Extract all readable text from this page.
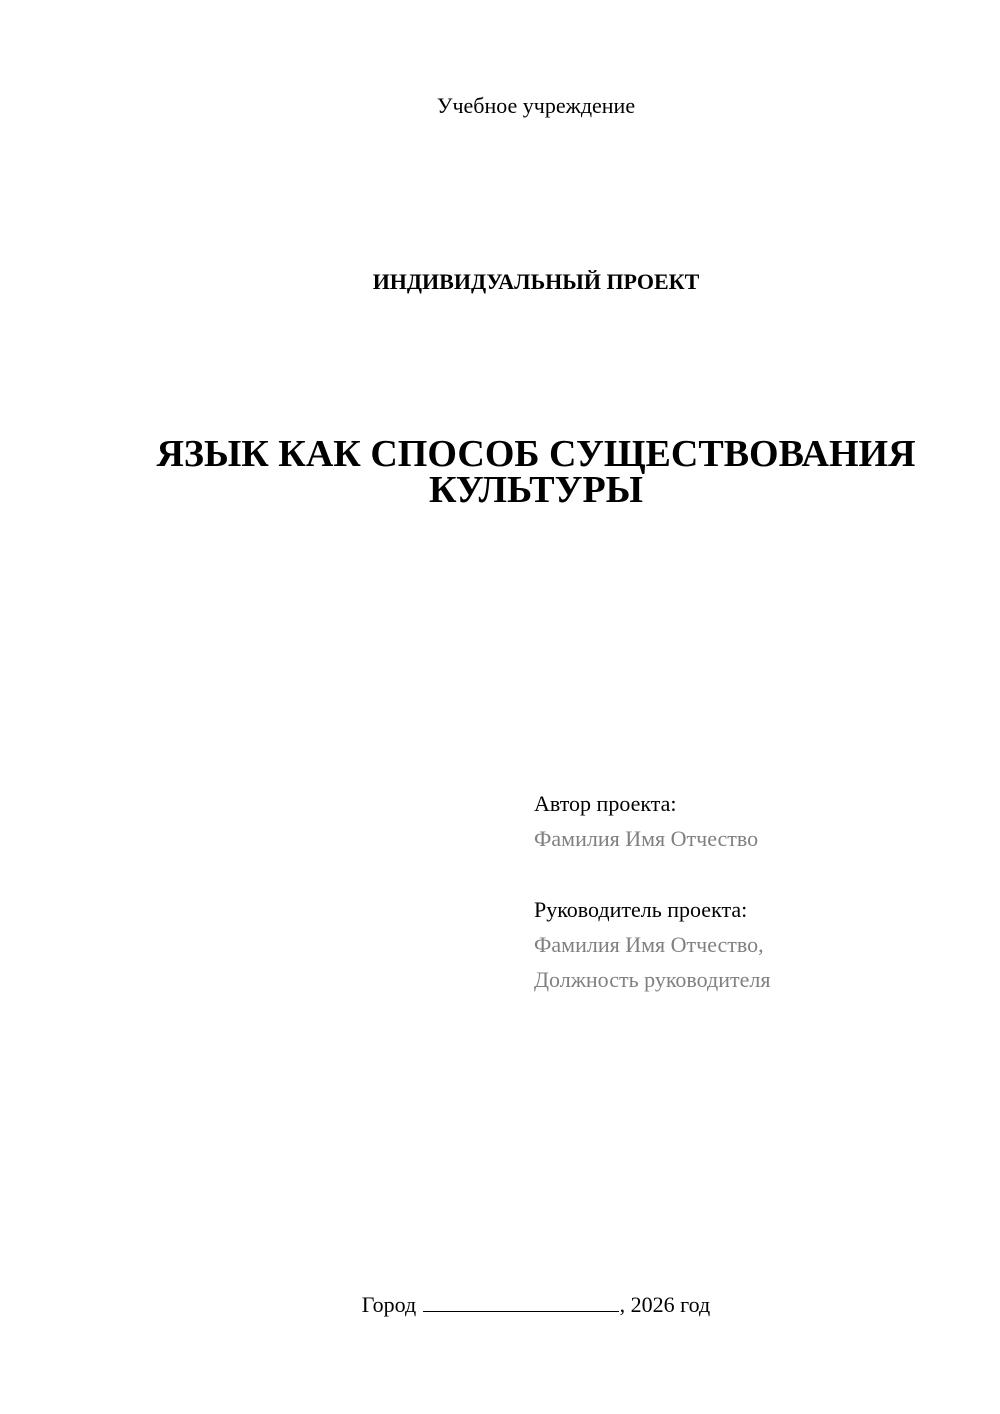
Учебное учреждение
ИНДИВИДУАЛЬНЫЙ ПРОЕКТ
ЯЗЫК КАК СПОСОБ СУЩЕСТВОВАНИЯ
КУЛЬТУРЫ
Автор проекта:
Фамилия Имя Отчество
Руководитель проекта:
Фамилия Имя Отчество,
Должность руководителя
Город	, 2026 год
